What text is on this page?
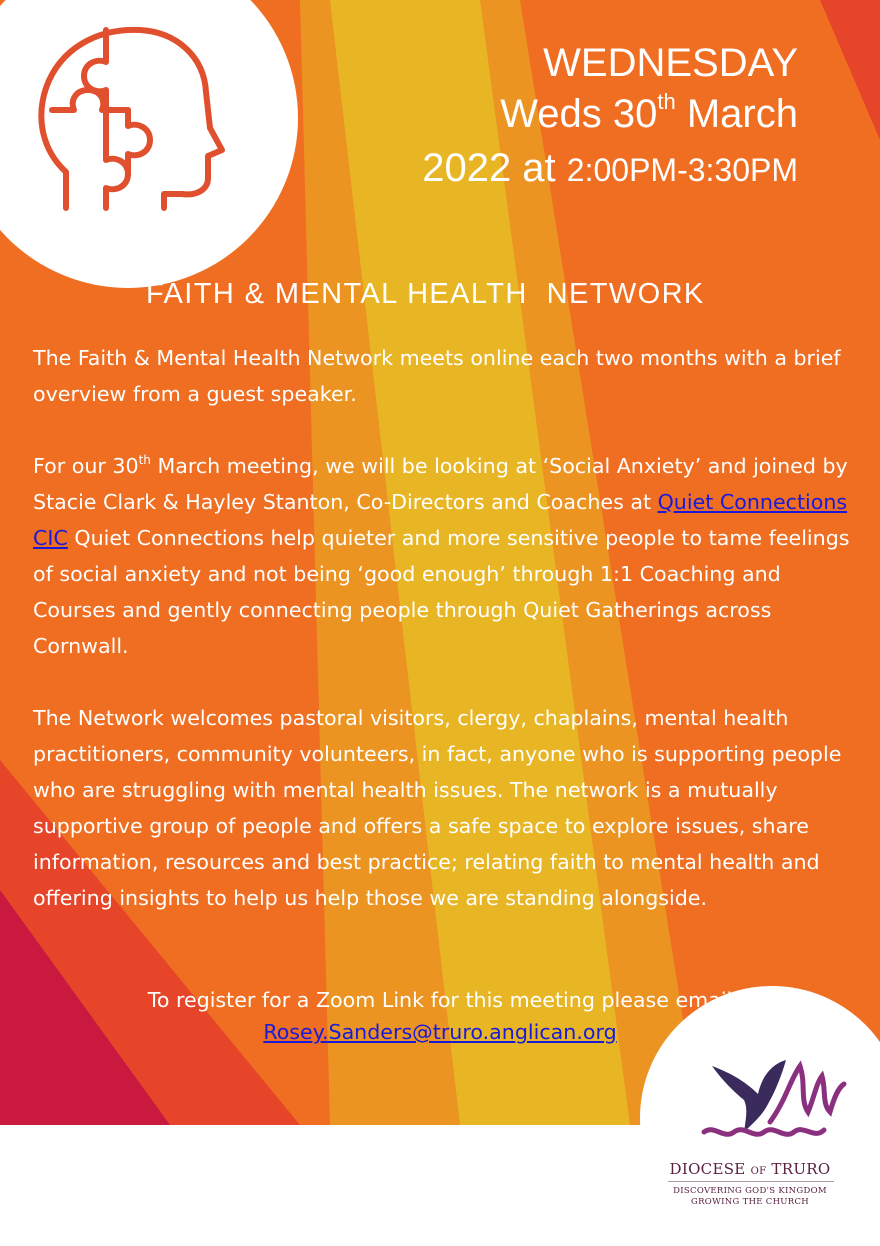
WEDNESDAY
Weds 30th March
2022 at 2:00PM-3:30PM
FAITH & MENTAL HEALTH  NETWORK

The Faith & Mental Health Network meets online each two months with a brief overview from a guest speaker.

For our 30th March meeting, we will be looking at ‘Social Anxiety’ and joined by Stacie Clark & Hayley Stanton, Co-Directors and Coaches at Quiet Connections CIC Quiet Connections help quieter and more sensitive people to tame feelings of social anxiety and not being ‘good enough’ through 1:1 Coaching and Courses and gently connecting people through Quiet Gatherings across Cornwall.

The Network welcomes pastoral visitors, clergy, chaplains, mental health practitioners, community volunteers, in fact, anyone who is supporting people who are struggling with mental health issues. The network is a mutually supportive group of people and offers a safe space to explore issues, share information, resources and best practice; relating faith to mental health and offering insights to help us help those we are standing alongside.

To register for a Zoom Link for this meeting please email
Rosey.Sanders@truro.anglican.org
DIOCESE OF TRURO
DISCOVERING GOD'S KINGDOM
GROWING THE CHURCH
